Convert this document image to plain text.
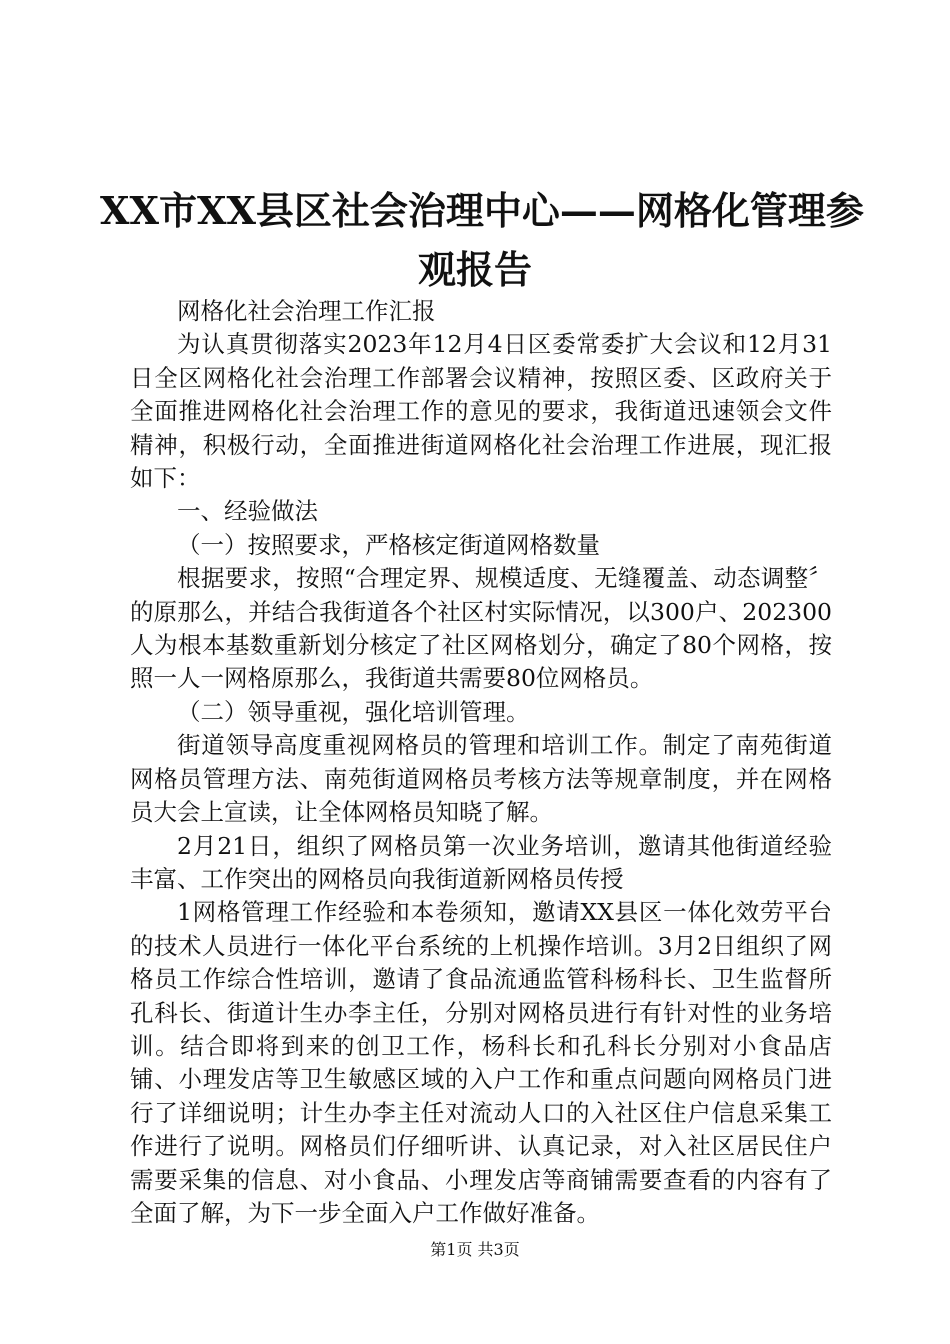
XX市XX县区社会治理中心——网格化管理参
观报告

网格化社会治理工作汇报

为认真贯彻落实2023年12月4日区委常委扩大会议和12月31日全区网格化社会治理工作部署会议精神，按照区委、区政府关于全面推进网格化社会治理工作的意见的要求，我街道迅速领会文件精神，积极行动，全面推进街道网格化社会治理工作进展，现汇报如下：

一、经验做法

（一）按照要求，严格核定街道网格数量

根据要求，按照“合理定界、规模适度、无缝覆盖、动态调整〞的原那么，并结合我街道各个社区村实际情况，以300户、202300人为根本基数重新划分核定了社区网格划分，确定了80个网格，按照一人一网格原那么，我街道共需要80位网格员。

（二）领导重视，强化培训管理。

街道领导高度重视网格员的管理和培训工作。制定了南苑街道网格员管理方法、南苑街道网格员考核方法等规章制度，并在网格员大会上宣读，让全体网格员知晓了解。

2月21日，组织了网格员第一次业务培训，邀请其他街道经验丰富、工作突出的网格员向我街道新网格员传授

1网格管理工作经验和本卷须知，邀请XX县区一体化效劳平台的技术人员进行一体化平台系统的上机操作培训。3月2日组织了网格员工作综合性培训，邀请了食品流通监管科杨科长、卫生监督所孔科长、街道计生办李主任，分别对网格员进行有针对性的业务培训。结合即将到来的创卫工作，杨科长和孔科长分别对小食品店铺、小理发店等卫生敏感区域的入户工作和重点问题向网格员门进行了详细说明；计生办李主任对流动人口的入社区住户信息采集工作进行了说明。网格员们仔细听讲、认真记录，对入社区居民住户需要采集的信息、对小食品、小理发店等商铺需要查看的内容有了全面了解，为下一步全面入户工作做好准备。

第1页 共3页
